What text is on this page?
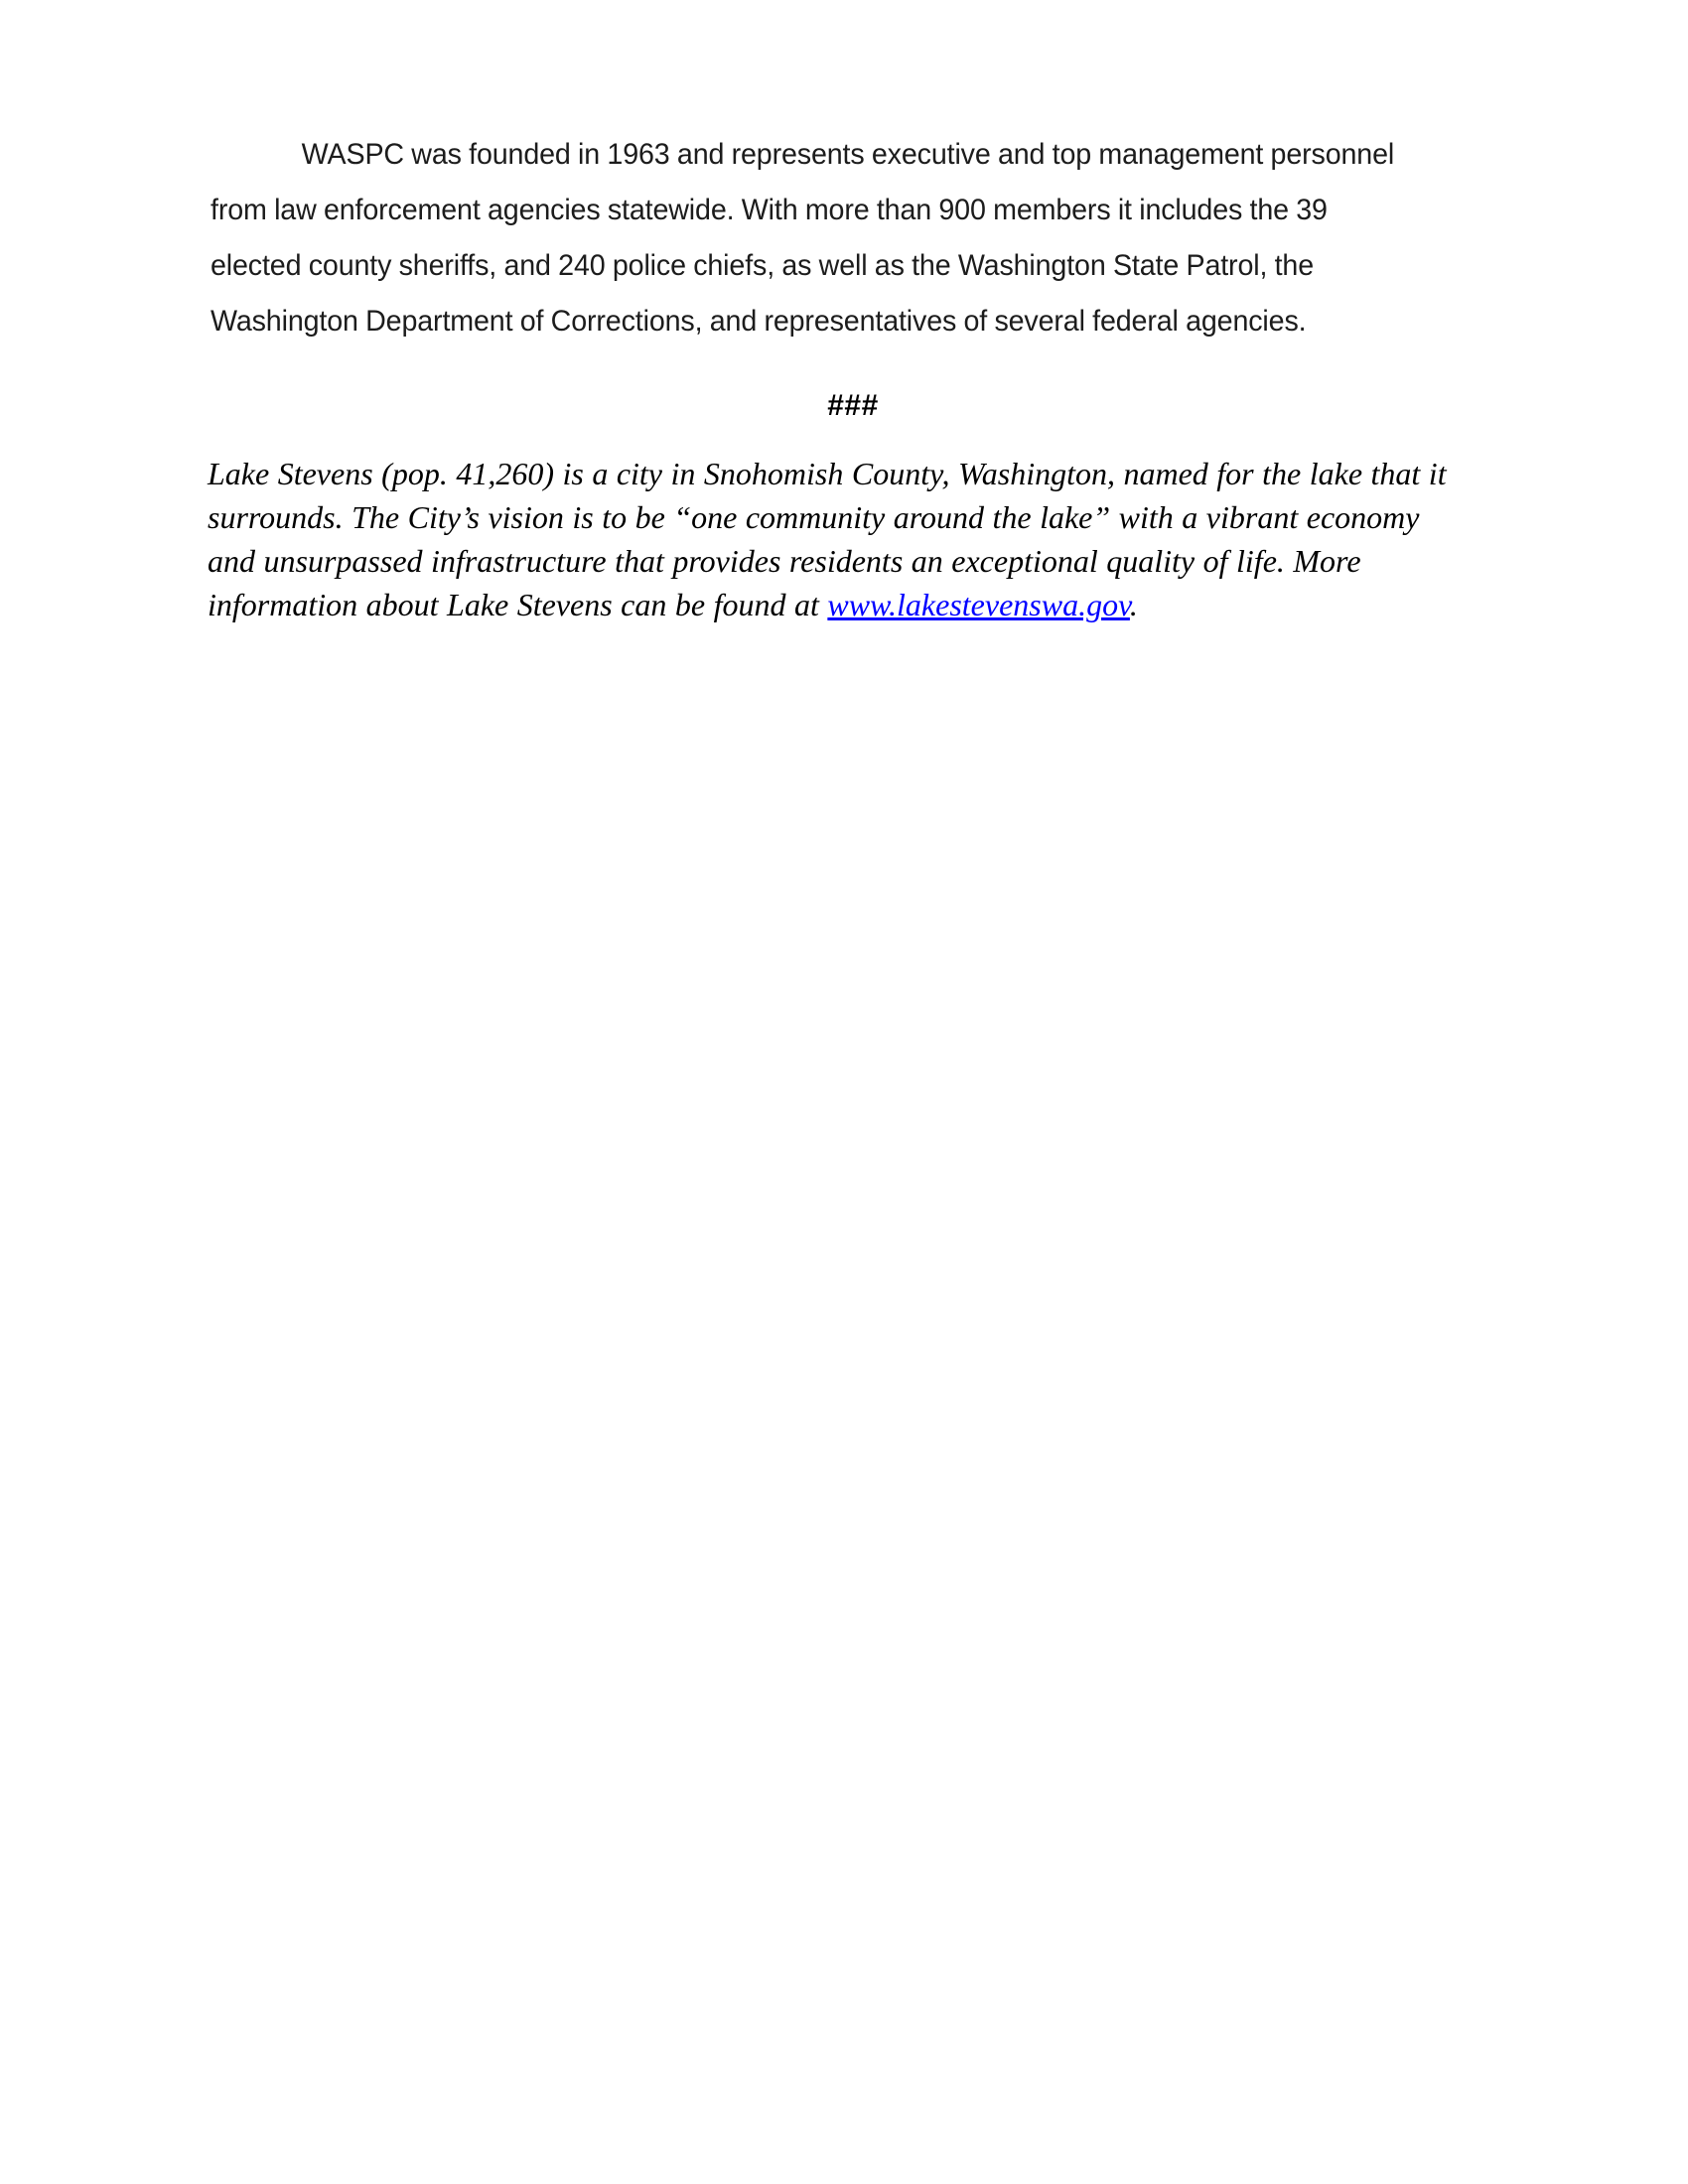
WASPC was founded in 1963 and represents executive and top management personnel from law enforcement agencies statewide. With more than 900 members it includes the 39 elected county sheriffs, and 240 police chiefs, as well as the Washington State Patrol, the Washington Department of Corrections, and representatives of several federal agencies.

###

Lake Stevens (pop. 41,260) is a city in Snohomish County, Washington, named for the lake that it surrounds. The City’s vision is to be “one community around the lake” with a vibrant economy and unsurpassed infrastructure that provides residents an exceptional quality of life. More information about Lake Stevens can be found at www.lakestevenswa.gov.
